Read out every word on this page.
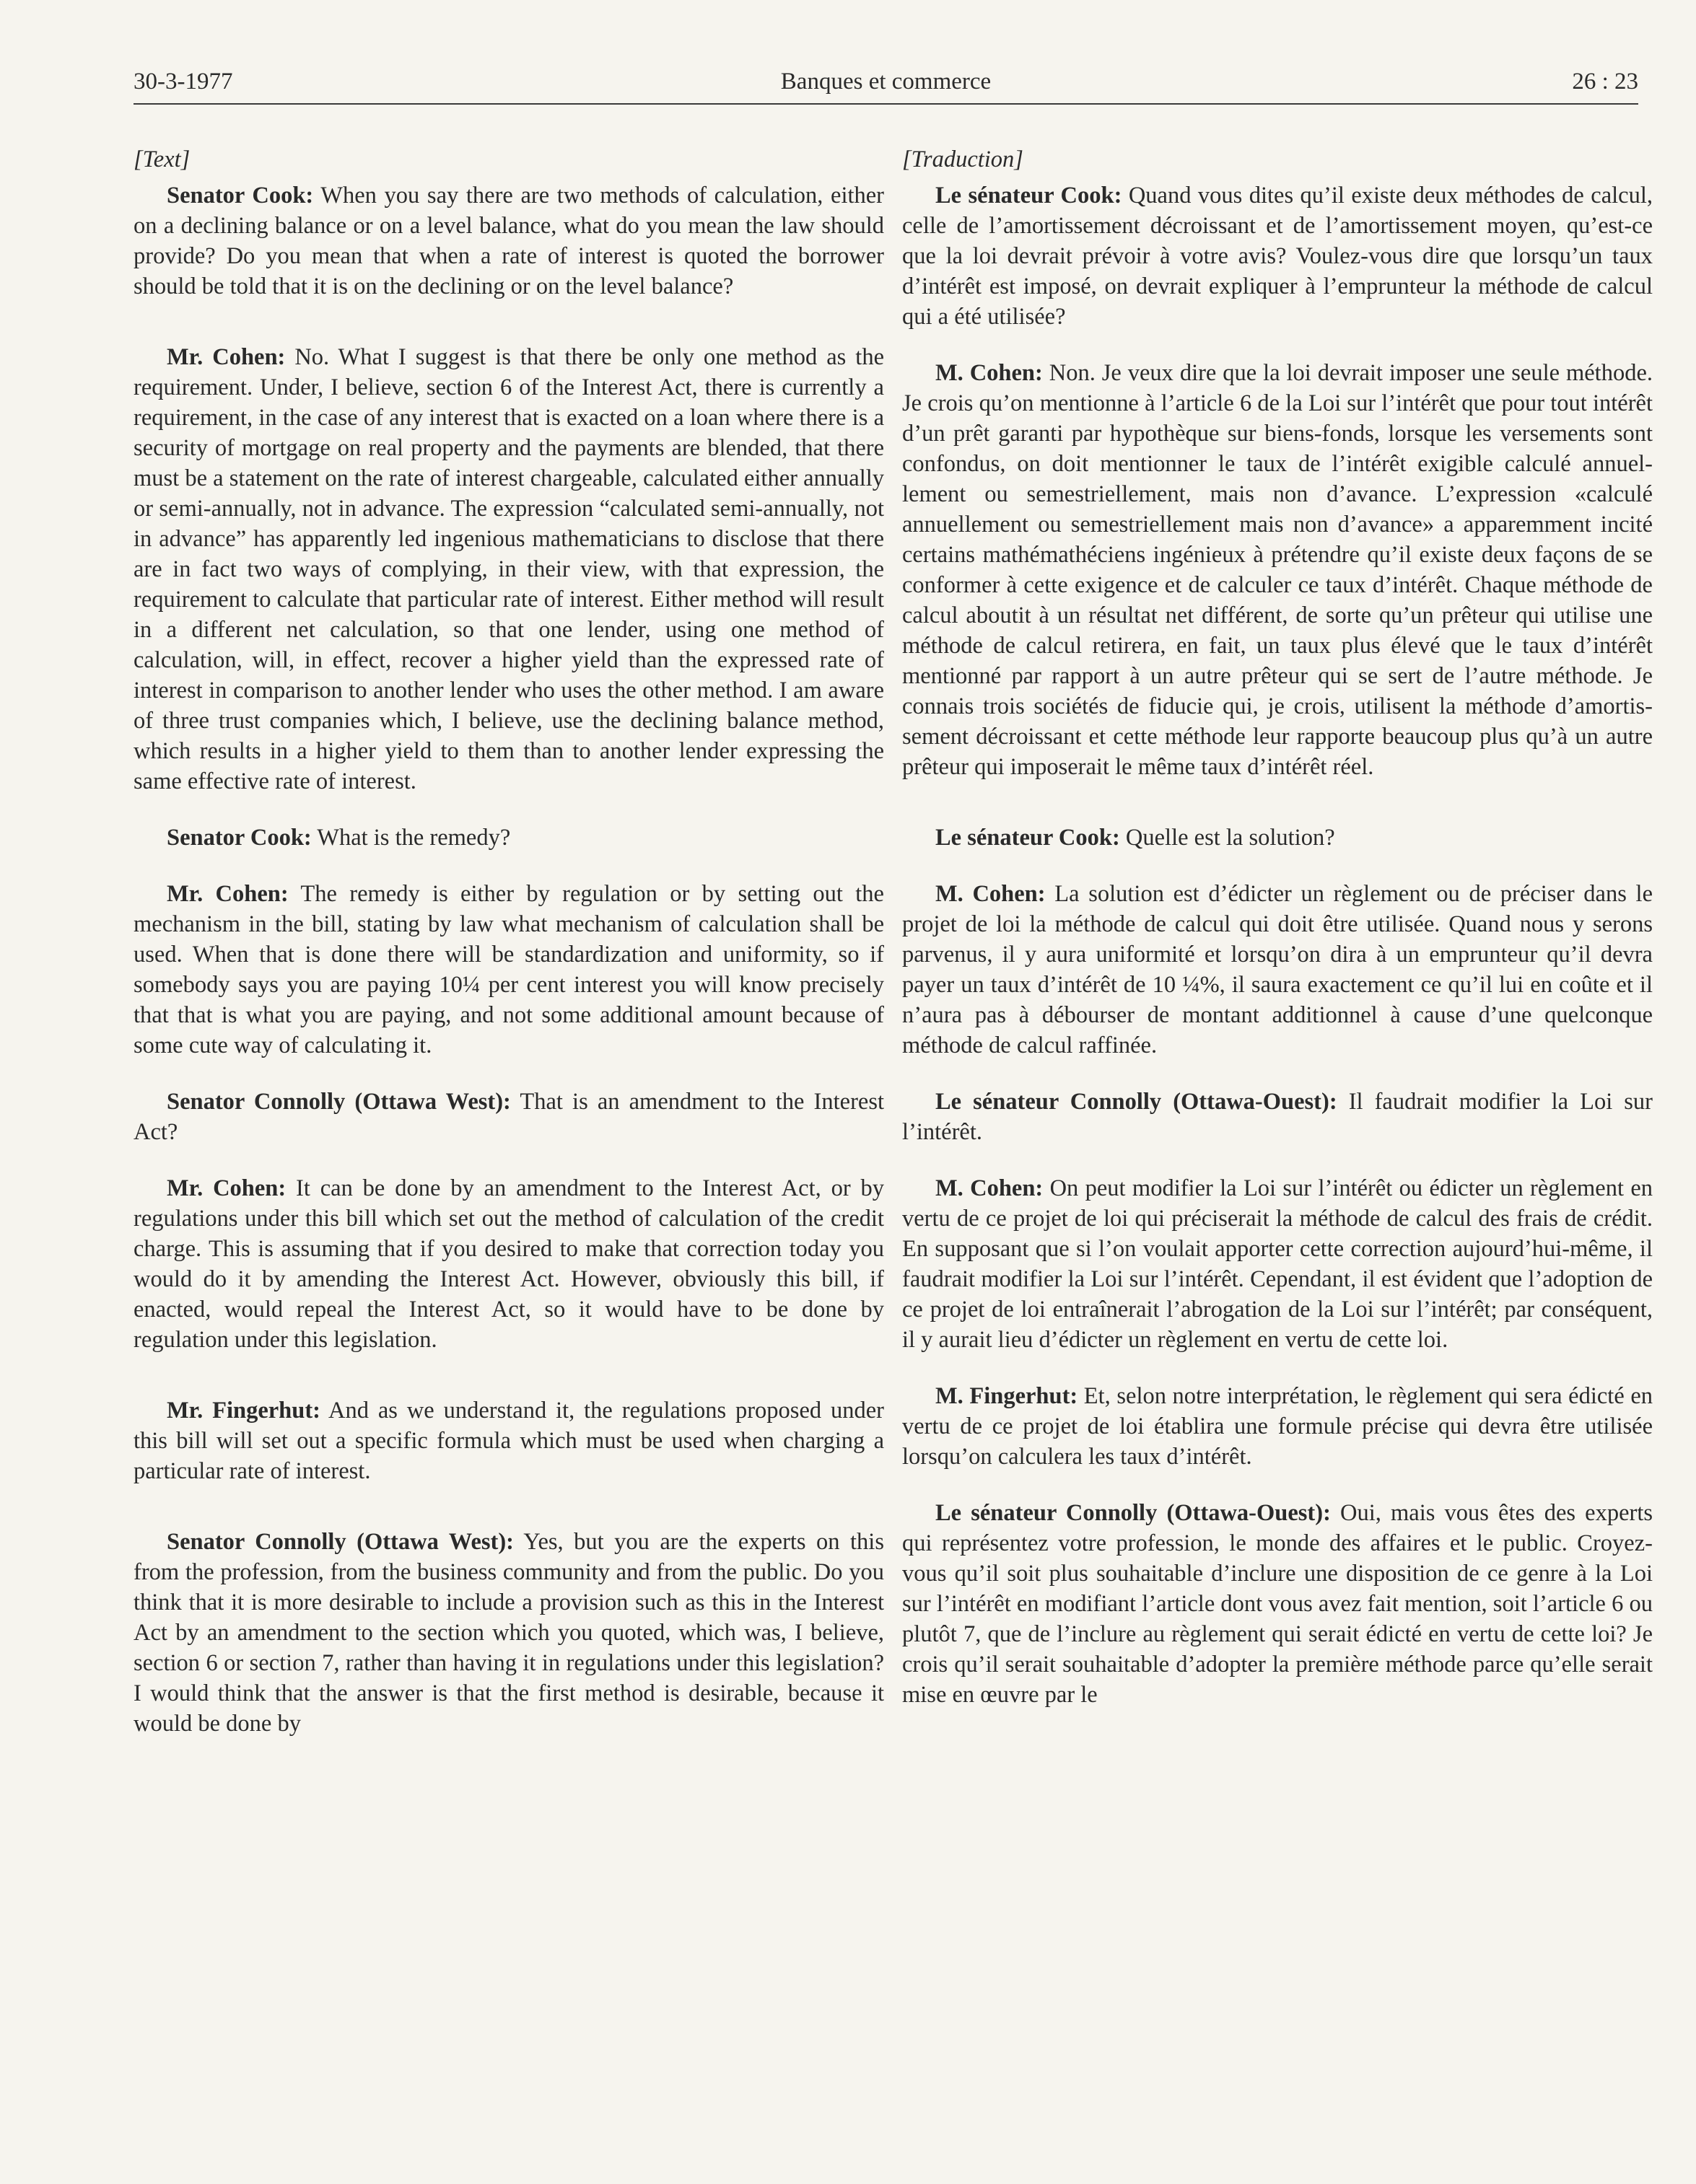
30-3-1977	Banques et commerce	26 : 23
[Text]

Senator Cook: When you say there are two methods of calculation, either on a declining balance or on a level balance, what do you mean the law should provide? Do you mean that when a rate of interest is quoted the borrower should be told that it is on the declining or on the level balance?

Mr. Cohen: No. What I suggest is that there be only one method as the requirement. Under, I believe, section 6 of the Interest Act, there is currently a requirement, in the case of any interest that is exacted on a loan where there is a security of mortgage on real property and the payments are blended, that there must be a statement on the rate of interest chargeable, calculated either annually or semi-annually, not in advance. The expression “calculated semi-annually, not in advance” has apparently led ingenious mathematicians to disclose that there are in fact two ways of complying, in their view, with that expression, the requirement to calculate that particular rate of interest. Either method will result in a different net calculation, so that one lender, using one method of calculation, will, in effect, recover a higher yield than the expressed rate of interest in comparison to another lender who uses the other method. I am aware of three trust companies which, I believe, use the declining balance method, which results in a higher yield to them than to another lender expressing the same effective rate of interest.

Senator Cook: What is the remedy?

Mr. Cohen: The remedy is either by regulation or by setting out the mechanism in the bill, stating by law what mechanism of calculation shall be used. When that is done there will be standardization and uniformity, so if somebody says you are paying 10¼ per cent interest you will know precisely that that is what you are paying, and not some additional amount because of some cute way of calculating it.

Senator Connolly (Ottawa West): That is an amendment to the Interest Act?

Mr. Cohen: It can be done by an amendment to the Interest Act, or by regulations under this bill which set out the method of calculation of the credit charge. This is assuming that if you desired to make that correction today you would do it by amending the Interest Act. However, obviously this bill, if enacted, would repeal the Interest Act, so it would have to be done by regulation under this legislation.

Mr. Fingerhut: And as we understand it, the regulations proposed under this bill will set out a specific formula which must be used when charging a particular rate of interest.

Senator Connolly (Ottawa West): Yes, but you are the experts on this from the profession, from the business community and from the public. Do you think that it is more desirable to include a provision such as this in the Interest Act by an amendment to the section which you quoted, which was, I believe, section 6 or section 7, rather than having it in regulations under this legislation? I would think that the answer is that the first method is desirable, because it would be done by

[Traduction]

Le sénateur Cook: Quand vous dites qu’il existe deux méthodes de calcul, celle de l’amortissement décroissant et de l’amortissement moyen, qu’est-ce que la loi devrait prévoir à votre avis? Voulez-vous dire que lorsqu’un taux d’intérêt est imposé, on devrait expliquer à l’emprunteur la méthode de calcul qui a été utilisée?

M. Cohen: Non. Je veux dire que la loi devrait imposer une seule méthode. Je crois qu’on mentionne à l’article 6 de la Loi sur l’intérêt que pour tout intérêt d’un prêt garanti par hypothèque sur biens-fonds, lorsque les versements sont confondus, on doit mentionner le taux de l’intérêt exigible calculé annuellement ou semestriellement, mais non d’avance. L’expression «calculé annuellement ou semestriellement mais non d’avance» a apparemment incité certains mathémathéciens ingénieux à prétendre qu’il existe deux façons de se conformer à cette exigence et de calculer ce taux d’intérêt. Chaque méthode de calcul aboutit à un résultat net différent, de sorte qu’un prêteur qui utilise une méthode de calcul retirera, en fait, un taux plus élevé que le taux d’intérêt mentionné par rapport à un autre prêteur qui se sert de l’autre méthode. Je connais trois sociétés de fiducie qui, je crois, utilisent la méthode d’amortissement décroissant et cette méthode leur rapporte beaucoup plus qu’à un autre prêteur qui imposerait le même taux d’intérêt réel.

Le sénateur Cook: Quelle est la solution?

M. Cohen: La solution est d’édicter un règlement ou de préciser dans le projet de loi la méthode de calcul qui doit être utilisée. Quand nous y serons parvenus, il y aura uniformité et lorsqu’on dira à un emprunteur qu’il devra payer un taux d’intérêt de 10 ¼%, il saura exactement ce qu’il lui en coûte et il n’aura pas à débourser de montant additionnel à cause d’une quelconque méthode de calcul raffinée.

Le sénateur Connolly (Ottawa-Ouest): Il faudrait modifier la Loi sur l’intérêt.

M. Cohen: On peut modifier la Loi sur l’intérêt ou édicter un règlement en vertu de ce projet de loi qui préciserait la méthode de calcul des frais de crédit. En supposant que si l’on voulait apporter cette correction aujourd’hui-même, il faudrait modifier la Loi sur l’intérêt. Cependant, il est évident que l’adoption de ce projet de loi entraînerait l’abrogation de la Loi sur l’intérêt; par conséquent, il y aurait lieu d’édicter un règlement en vertu de cette loi.

M. Fingerhut: Et, selon notre interprétation, le règlement qui sera édicté en vertu de ce projet de loi établira une formule précise qui devra être utilisée lorsqu’on calculera les taux d’intérêt.

Le sénateur Connolly (Ottawa-Ouest): Oui, mais vous êtes des experts qui représentez votre profession, le monde des affaires et le public. Croyez-vous qu’il soit plus souhaitable d’inclure une disposition de ce genre à la Loi sur l’intérêt en modifiant l’article dont vous avez fait mention, soit l’article 6 ou plutôt 7, que de l’inclure au règlement qui serait édicté en vertu de cette loi? Je crois qu’il serait souhaitable d’adopter la première méthode parce qu’elle serait mise en œuvre par le
